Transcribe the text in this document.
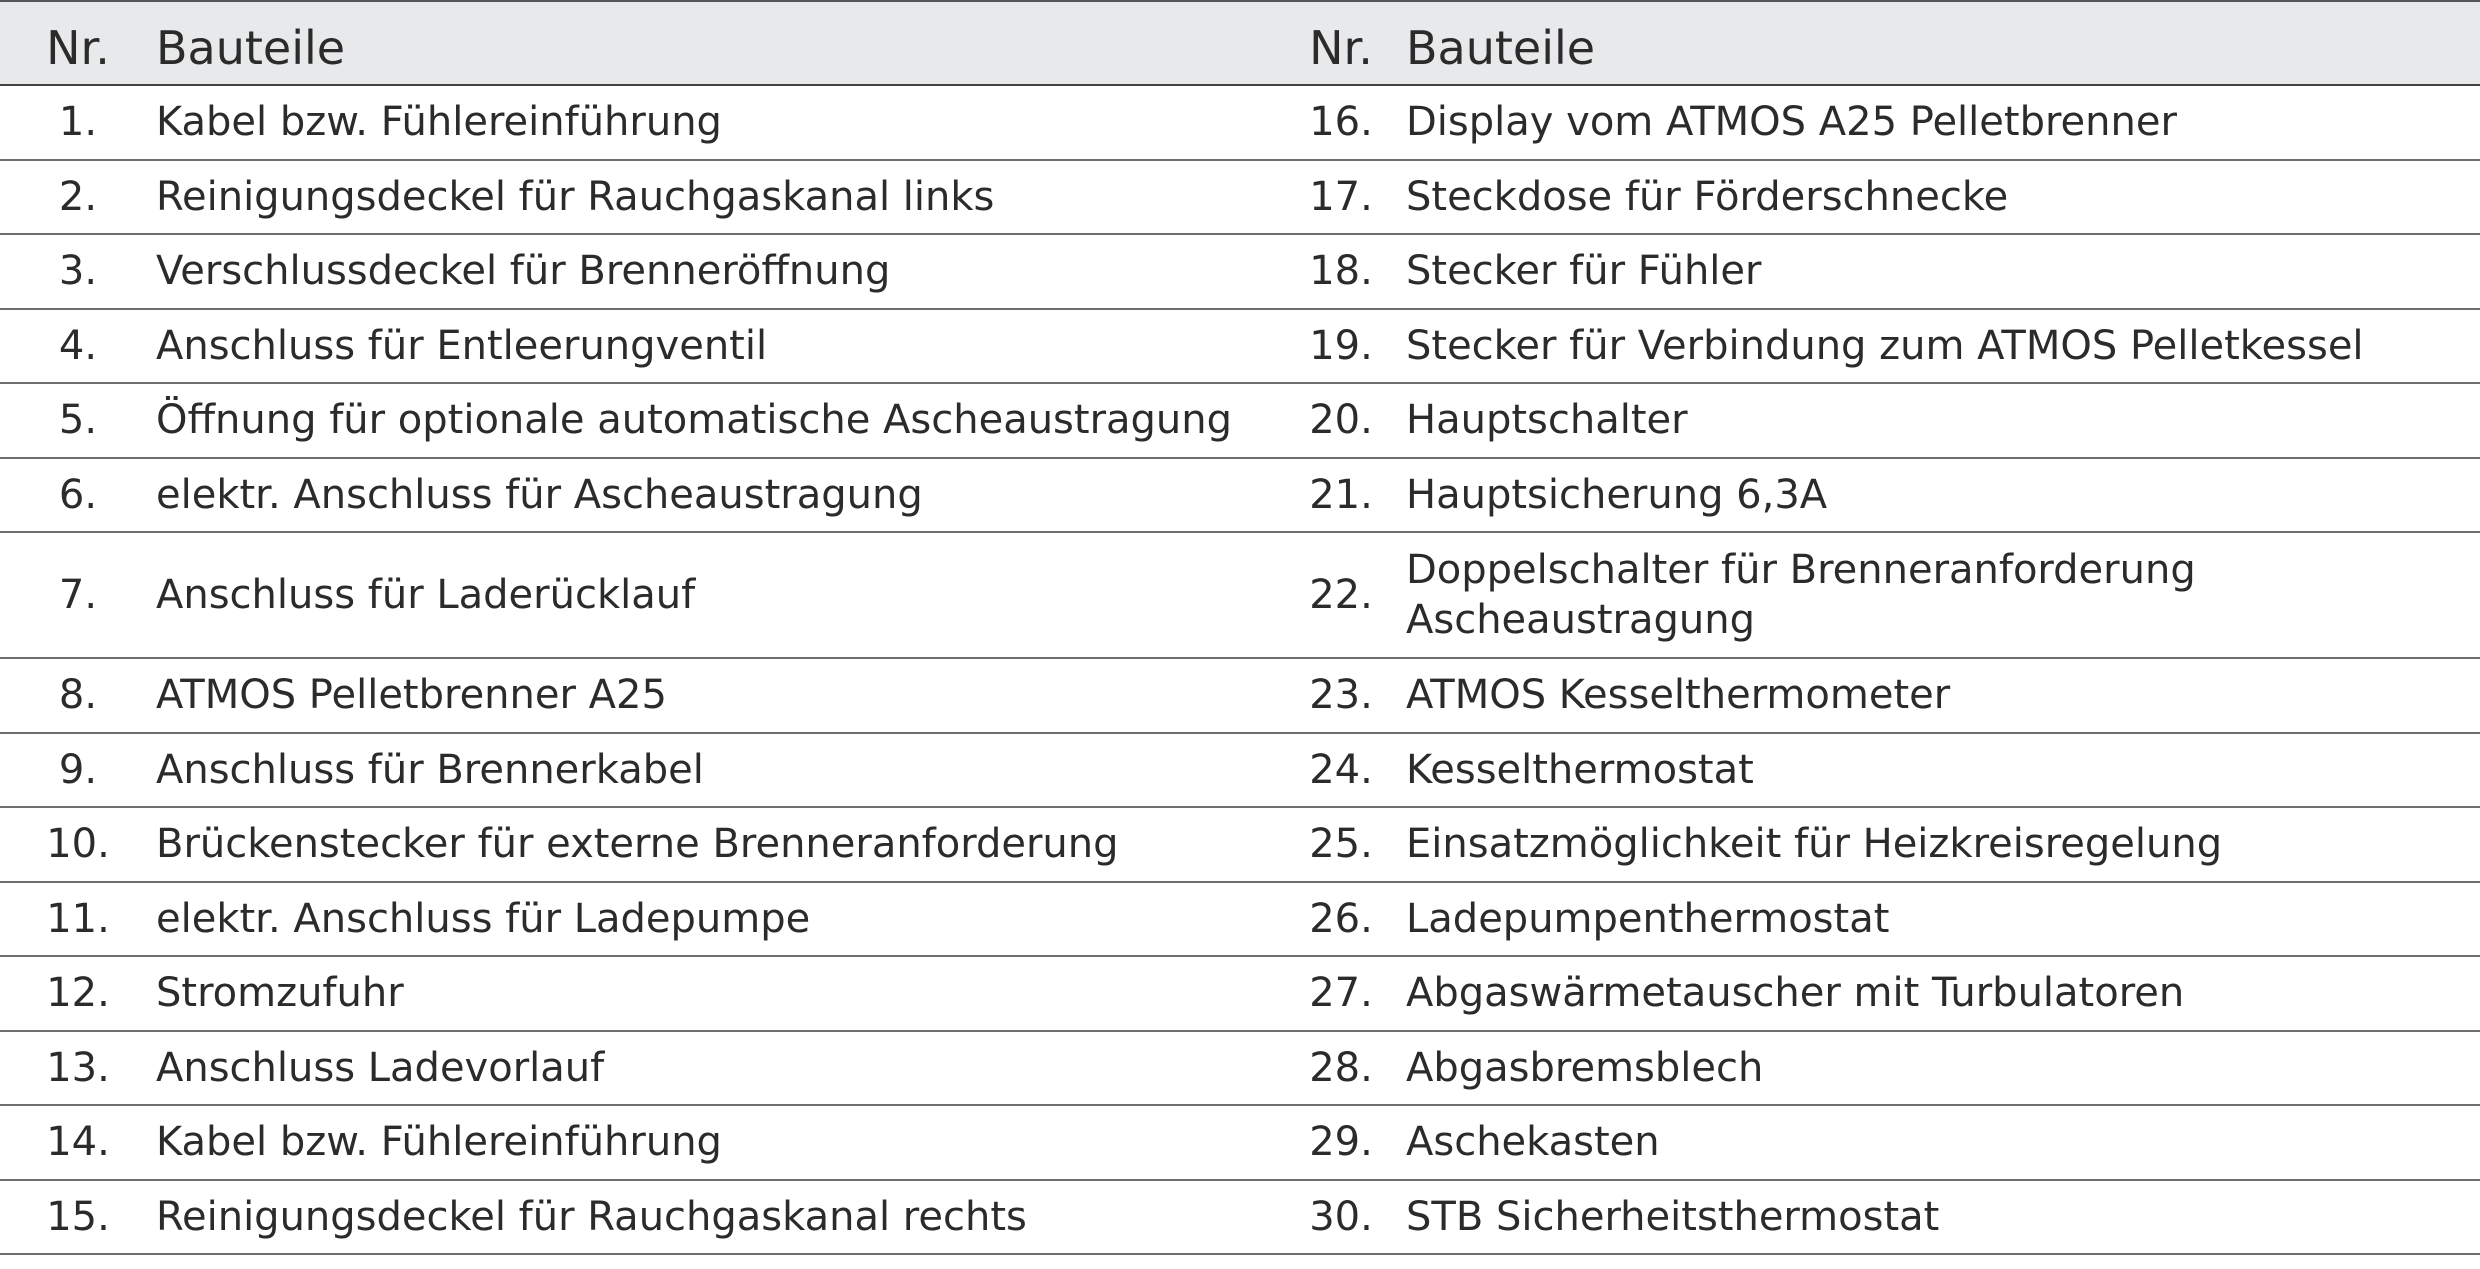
Nr.	Bauteile	Nr.	Bauteile
1.	Kabel bzw. Fühlereinführung	16.	Display vom ATMOS A25 Pelletbrenner
2.	Reinigungsdeckel für Rauchgaskanal links	17.	Steckdose für Förderschnecke
3.	Verschlussdeckel für Brenneröffnung	18.	Stecker für Fühler
4.	Anschluss für Entleerungventil	19.	Stecker für Verbindung zum ATMOS Pelletkessel
5.	Öffnung für optionale automatische Ascheaustragung	20.	Hauptschalter
6.	elektr. Anschluss für Ascheaustragung	21.	Hauptsicherung 6,3A
7.	Anschluss für Laderücklauf	22.	Doppelschalter für Brenneranforderung Ascheaustragung
8.	ATMOS Pelletbrenner A25	23.	ATMOS Kesselthermometer
9.	Anschluss für Brennerkabel	24.	Kesselthermostat
10.	Brückenstecker für externe Brenneranforderung	25.	Einsatzmöglichkeit für Heizkreisregelung
11.	elektr. Anschluss für Ladepumpe	26.	Ladepumpenthermostat
12.	Stromzufuhr	27.	Abgaswärmetauscher mit Turbulatoren
13.	Anschluss Ladevorlauf	28.	Abgasbremsblech
14.	Kabel bzw. Fühlereinführung	29.	Aschekasten
15.	Reinigungsdeckel für Rauchgaskanal rechts	30.	STB Sicherheitsthermostat
